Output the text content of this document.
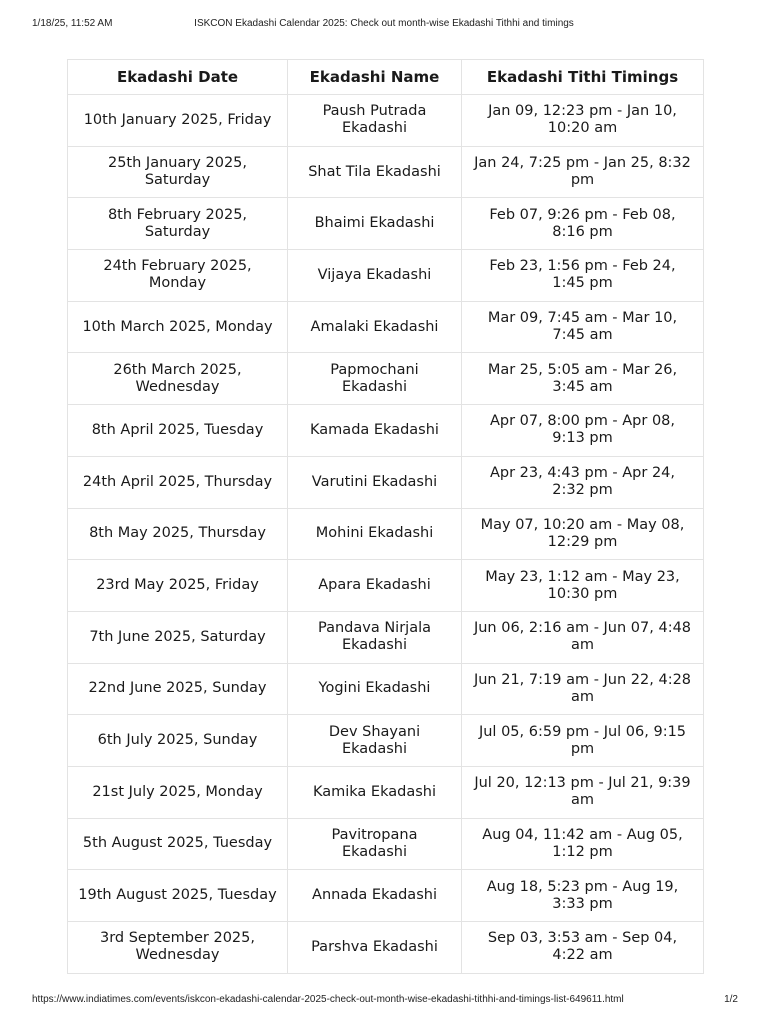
1/18/25, 11:52 AM	ISKCON Ekadashi Calendar 2025: Check out month-wise Ekadashi Tithhi and timings
Ekadashi Date	Ekadashi Name	Ekadashi Tithi Timings
10th January 2025, Friday	Paush Putrada Ekadashi	Jan 09, 12:23 pm - Jan 10, 10:20 am
25th January 2025, Saturday	Shat Tila Ekadashi	Jan 24, 7:25 pm - Jan 25, 8:32 pm
8th February 2025, Saturday	Bhaimi Ekadashi	Feb 07, 9:26 pm - Feb 08, 8:16 pm
24th February 2025, Monday	Vijaya Ekadashi	Feb 23, 1:56 pm - Feb 24, 1:45 pm
10th March 2025, Monday	Amalaki Ekadashi	Mar 09, 7:45 am - Mar 10, 7:45 am
26th March 2025, Wednesday	Papmochani Ekadashi	Mar 25, 5:05 am - Mar 26, 3:45 am
8th April 2025, Tuesday	Kamada Ekadashi	Apr 07, 8:00 pm - Apr 08, 9:13 pm
24th April 2025, Thursday	Varutini Ekadashi	Apr 23, 4:43 pm - Apr 24, 2:32 pm
8th May 2025, Thursday	Mohini Ekadashi	May 07, 10:20 am - May 08, 12:29 pm
23rd May 2025, Friday	Apara Ekadashi	May 23, 1:12 am - May 23, 10:30 pm
7th June 2025, Saturday	Pandava Nirjala Ekadashi	Jun 06, 2:16 am - Jun 07, 4:48 am
22nd June 2025, Sunday	Yogini Ekadashi	Jun 21, 7:19 am - Jun 22, 4:28 am
6th July 2025, Sunday	Dev Shayani Ekadashi	Jul 05, 6:59 pm - Jul 06, 9:15 pm
21st July 2025, Monday	Kamika Ekadashi	Jul 20, 12:13 pm - Jul 21, 9:39 am
5th August 2025, Tuesday	Pavitropana Ekadashi	Aug 04, 11:42 am - Aug 05, 1:12 pm
19th August 2025, Tuesday	Annada Ekadashi	Aug 18, 5:23 pm - Aug 19, 3:33 pm
3rd September 2025, Wednesday	Parshva Ekadashi	Sep 03, 3:53 am - Sep 04, 4:22 am
https://www.indiatimes.com/events/iskcon-ekadashi-calendar-2025-check-out-month-wise-ekadashi-tithhi-and-timings-list-649611.html	1/2
